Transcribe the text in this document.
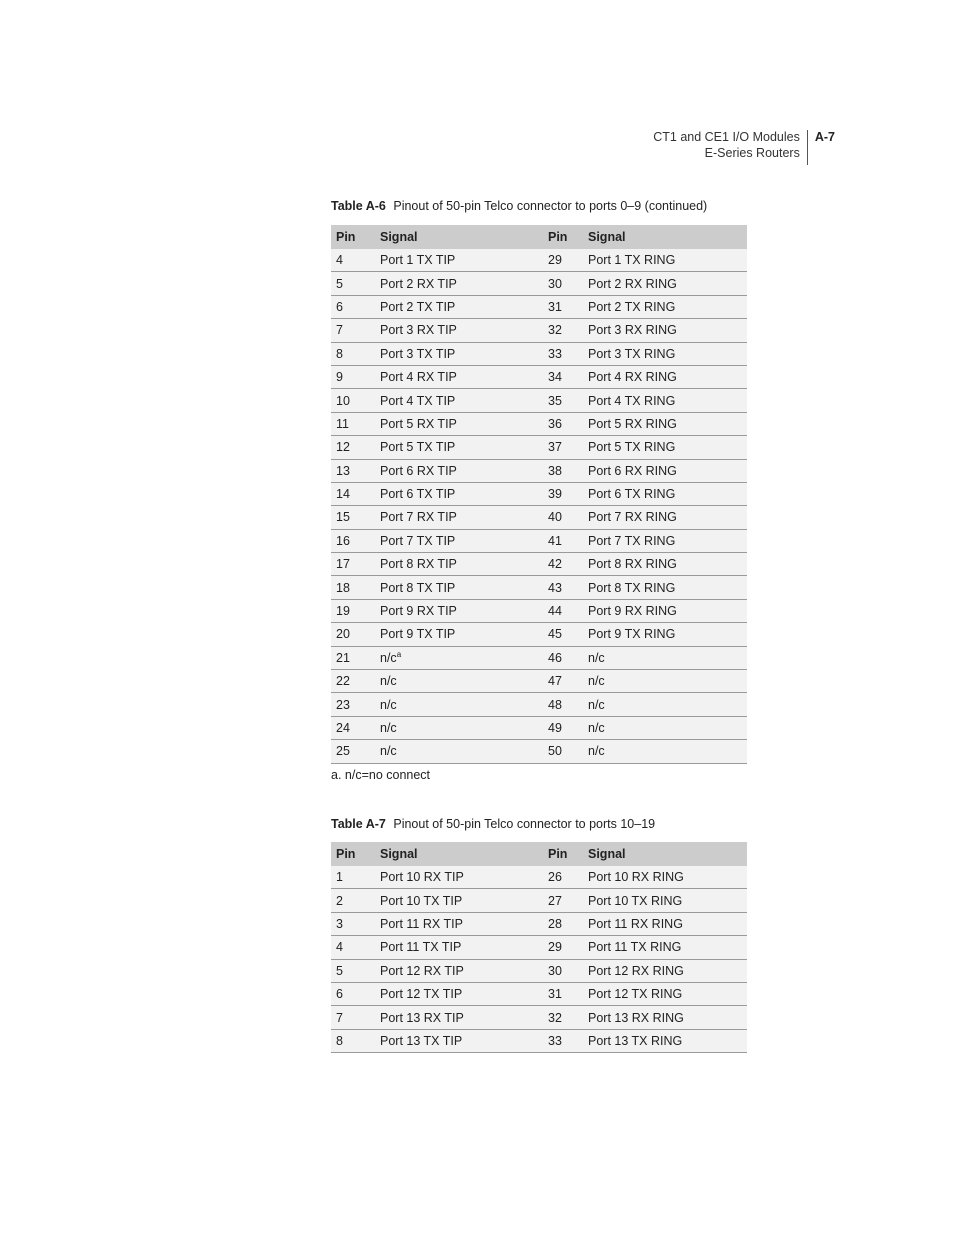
CT1 and CE1 I/O Modules
E-Series Routers
A-7
Table A-6 Pinout of 50-pin Telco connector to ports 0–9 (continued)
Pin	Signal	Pin	Signal
4	Port 1 TX TIP	29	Port 1 TX RING
5	Port 2 RX TIP	30	Port 2 RX RING
6	Port 2 TX TIP	31	Port 2 TX RING
7	Port 3 RX TIP	32	Port 3 RX RING
8	Port 3 TX TIP	33	Port 3 TX RING
9	Port 4 RX TIP	34	Port 4 RX RING
10	Port 4 TX TIP	35	Port 4 TX RING
11	Port 5 RX TIP	36	Port 5 RX RING
12	Port 5 TX TIP	37	Port 5 TX RING
13	Port 6 RX TIP	38	Port 6 RX RING
14	Port 6 TX TIP	39	Port 6 TX RING
15	Port 7 RX TIP	40	Port 7 RX RING
16	Port 7 TX TIP	41	Port 7 TX RING
17	Port 8 RX TIP	42	Port 8 RX RING
18	Port 8 TX TIP	43	Port 8 TX RING
19	Port 9 RX TIP	44	Port 9 RX RING
20	Port 9 TX TIP	45	Port 9 TX RING
21	$n/c^a$	46	n/c
22	n/c	47	n/c
23	n/c	48	n/c
24	n/c	49	n/c
25	n/c	50	n/c
a. n/c=no connect
Table A-7 Pinout of 50-pin Telco connector to ports 10–19
Pin	Signal	Pin	Signal
1	Port 10 RX TIP	26	Port 10 RX RING
2	Port 10 TX TIP	27	Port 10 TX RING
3	Port 11 RX TIP	28	Port 11 RX RING
4	Port 11 TX TIP	29	Port 11 TX RING
5	Port 12 RX TIP	30	Port 12 RX RING
6	Port 12 TX TIP	31	Port 12 TX RING
7	Port 13 RX TIP	32	Port 13 RX RING
8	Port 13 TX TIP	33	Port 13 TX RING
